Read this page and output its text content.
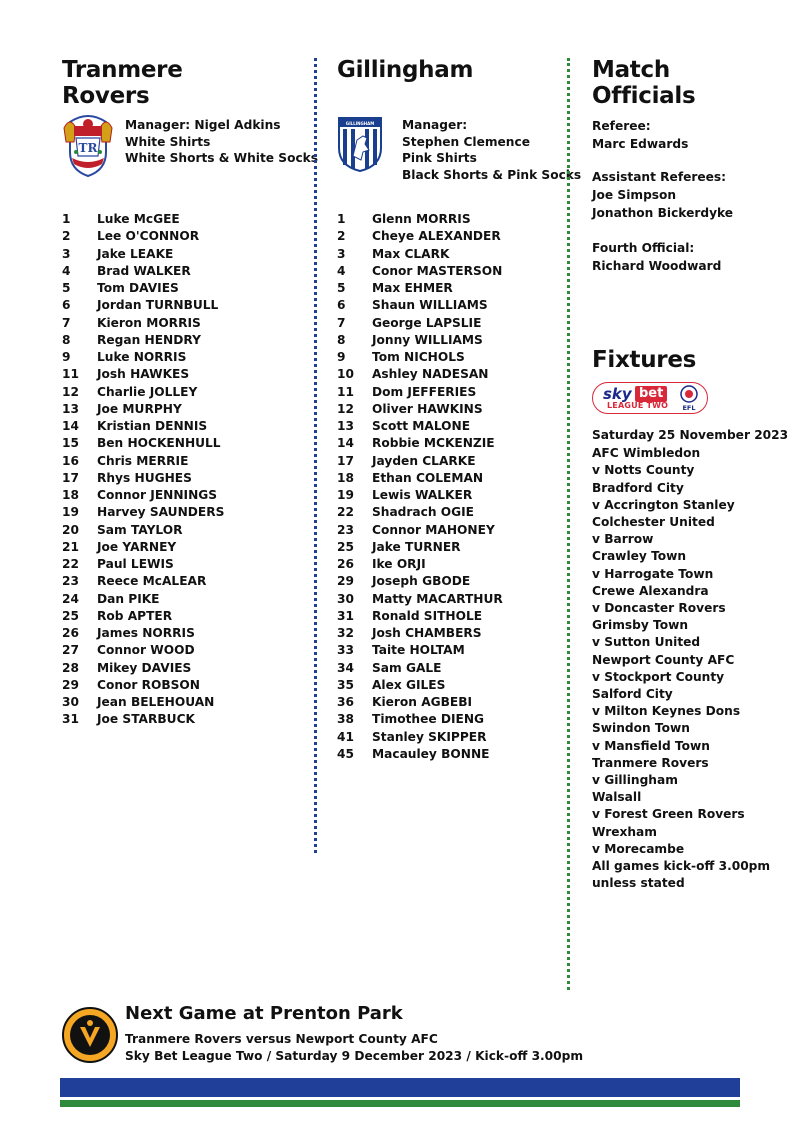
Tranmere
Rovers
TR
Manager: Nigel Adkins
White Shirts
White Shorts & White Socks
1 Luke McGEE
2 Lee O'CONNOR
3 Jake LEAKE
4 Brad WALKER
5 Tom DAVIES
6 Jordan TURNBULL
7 Kieron MORRIS
8 Regan HENDRY
9 Luke NORRIS
11 Josh HAWKES
12 Charlie JOLLEY
13 Joe MURPHY
14 Kristian DENNIS
15 Ben HOCKENHULL
16 Chris MERRIE
17 Rhys HUGHES
18 Connor JENNINGS
19 Harvey SAUNDERS
20 Sam TAYLOR
21 Joe YARNEY
22 Paul LEWIS
23 Reece McALEAR
24 Dan PIKE
25 Rob APTER
26 James NORRIS
27 Connor WOOD
28 Mikey DAVIES
29 Conor ROBSON
30 Jean BELEHOUAN
31 Joe STARBUCK
Gillingham
GILLINGHAM Manager:
Stephen Clemence
Pink Shirts
Black Shorts & Pink Socks
1 Glenn MORRIS
2 Cheye ALEXANDER
3 Max CLARK
4 Conor MASTERSON
5 Max EHMER
6 Shaun WILLIAMS
7 George LAPSLIE
8 Jonny WILLIAMS
9 Tom NICHOLS
10 Ashley NADESAN
11 Dom JEFFERIES
12 Oliver HAWKINS
13 Scott MALONE
14 Robbie MCKENZIE
17 Jayden CLARKE
18 Ethan COLEMAN
19 Lewis WALKER
22 Shadrach OGIE
23 Connor MAHONEY
25 Jake TURNER
26 Ike ORJI
29 Joseph GBODE
30 Matty MACARTHUR
31 Ronald SITHOLE
32 Josh CHAMBERS
33 Taite HOLTAM
34 Sam GALE
35 Alex GILES
36 Kieron AGBEBI
38 Timothee DIENG
41 Stanley SKIPPER
45 Macauley BONNE
Match
Officials
Referee:
Marc Edwards
Assistant Referees:
Joe Simpson
Jonathon Bickerdyke
Fourth Official:
Richard Woodward
Fixtures
sky bet
LEAGUE TWO EFL
Saturday 25 November 2023
AFC Wimbledon
v Notts County
Bradford City
v Accrington Stanley
Colchester United
v Barrow
Crawley Town
v Harrogate Town
Crewe Alexandra
v Doncaster Rovers
Grimsby Town
v Sutton United
Newport County AFC
v Stockport County
Salford City
v Milton Keynes Dons
Swindon Town
v Mansfield Town
Tranmere Rovers
v Gillingham
Walsall
v Forest Green Rovers
Wrexham
v Morecambe
All games kick-off 3.00pm
unless stated
Next Game at Prenton Park
Tranmere Rovers versus Newport County AFC
Sky Bet League Two / Saturday 9 December 2023 / Kick-off 3.00pm
